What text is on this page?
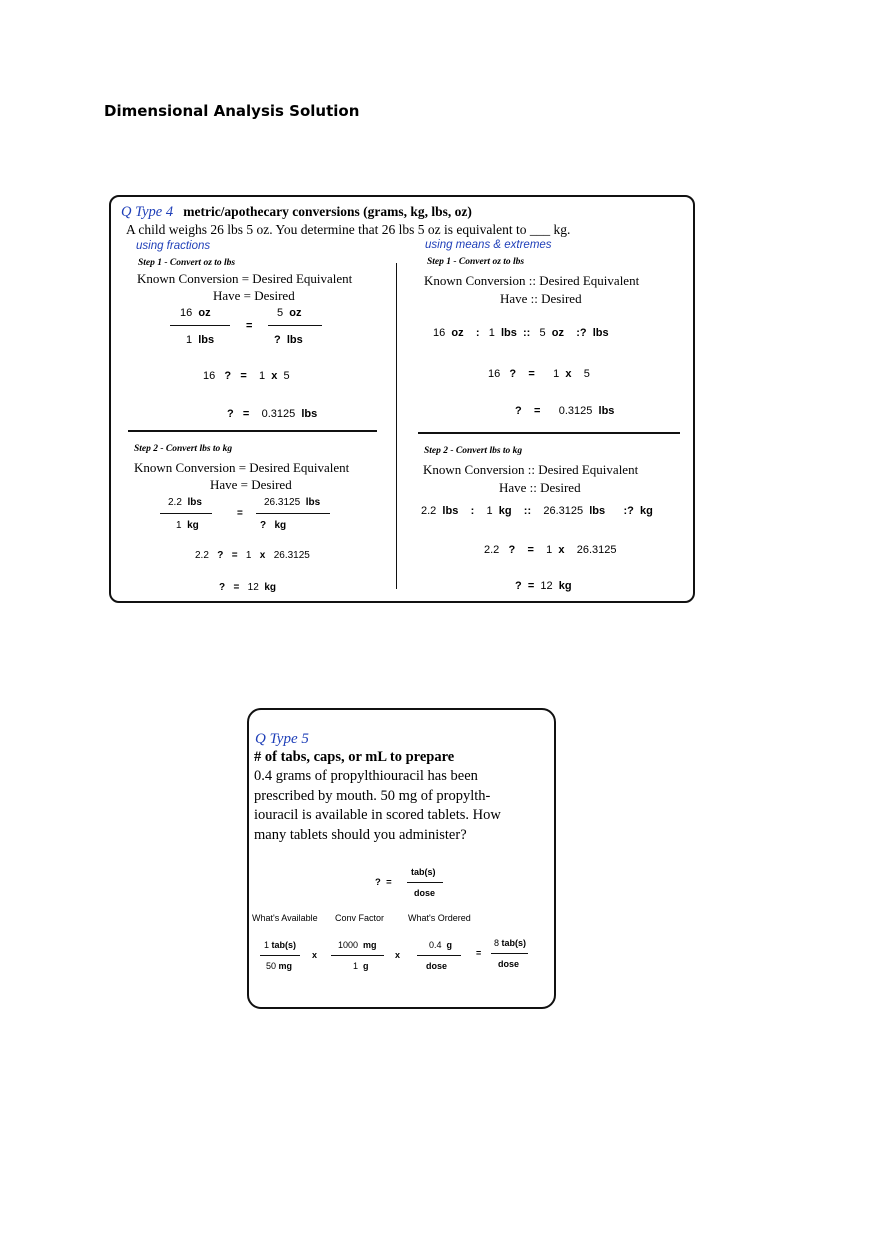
Dimensional Analysis Solution
Q Type 4 metric/apothecary conversions (grams, kg, lbs, oz)
A child weighs 26 lbs 5 oz. You determine that 26 lbs 5 oz is equivalent to ___ kg.
using fractions	using means & extremes
Step 1 - Convert oz to lbs
Known Conversion = Desired Equivalent
Have = Desired
16 oz
1 lbs
=
5 oz
? lbs
16 ? = 1 x 5
? = 0.3125 lbs
Step 2 - Convert lbs to kg
Known Conversion = Desired Equivalent
Have = Desired
2.2 lbs
1 kg
=
26.3125 lbs
? kg
2.2 ? = 1 x 26.3125
? = 12 kg
Step 1 - Convert oz to lbs
Known Conversion :: Desired Equivalent
Have :: Desired
16 oz : 1 lbs :: 5 oz :? lbs
16 ? = 1 x 5
? = 0.3125 lbs
Step 2 - Convert lbs to kg
Known Conversion :: Desired Equivalent
Have :: Desired
2.2 lbs : 1 kg :: 26.3125 lbs :? kg
2.2 ? = 1 x 26.3125
? = 12 kg
Q Type 5
# of tabs, caps, or mL to prepare
0.4 grams of propylthiouracil has been
prescribed by mouth. 50 mg of propylth-
iouracil is available in scored tablets. How
many tablets should you administer?
? =
tab(s)
dose
What's Available Conv Factor	What's Ordered
1 tab(s)
50 mg
x
1000 mg
1 g
x
0.4 g
dose
=
8 tab(s)
dose
